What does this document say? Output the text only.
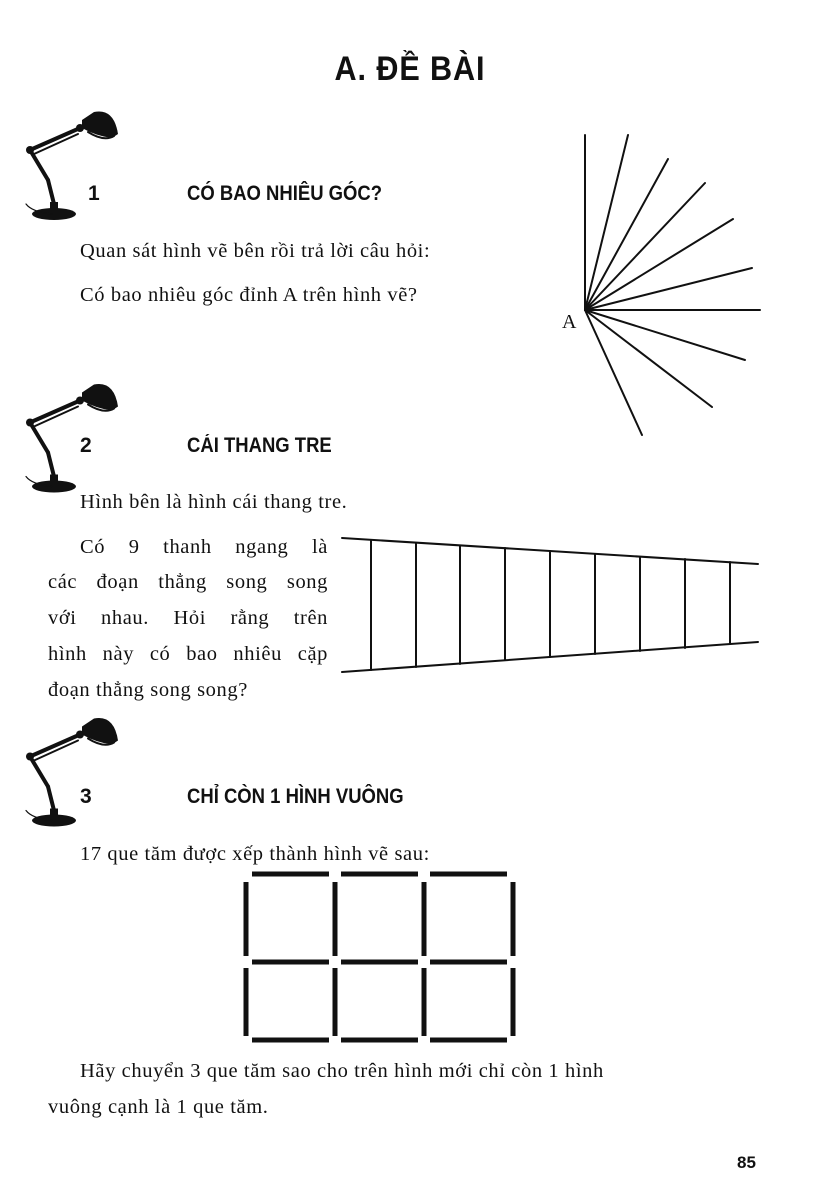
A. ĐỀ BÀI
1	CÓ BAO NHIÊU GÓC?
Quan sát hình vẽ bên rồi trả lời câu hỏi:
Có bao nhiêu góc đỉnh A trên hình vẽ?
A
2	CÁI THANG TRE
Hình bên là hình cái thang tre.
Có 9 thanh ngang là
các đoạn thẳng song song
với nhau. Hỏi rằng trên
hình này có bao nhiêu cặp
đoạn thẳng song song?
3	CHỈ CÒN 1 HÌNH VUÔNG
17 que tăm được xếp thành hình vẽ sau:
Hãy chuyển 3 que tăm sao cho trên hình mới chỉ còn 1 hình
vuông cạnh là 1 que tăm.
85
